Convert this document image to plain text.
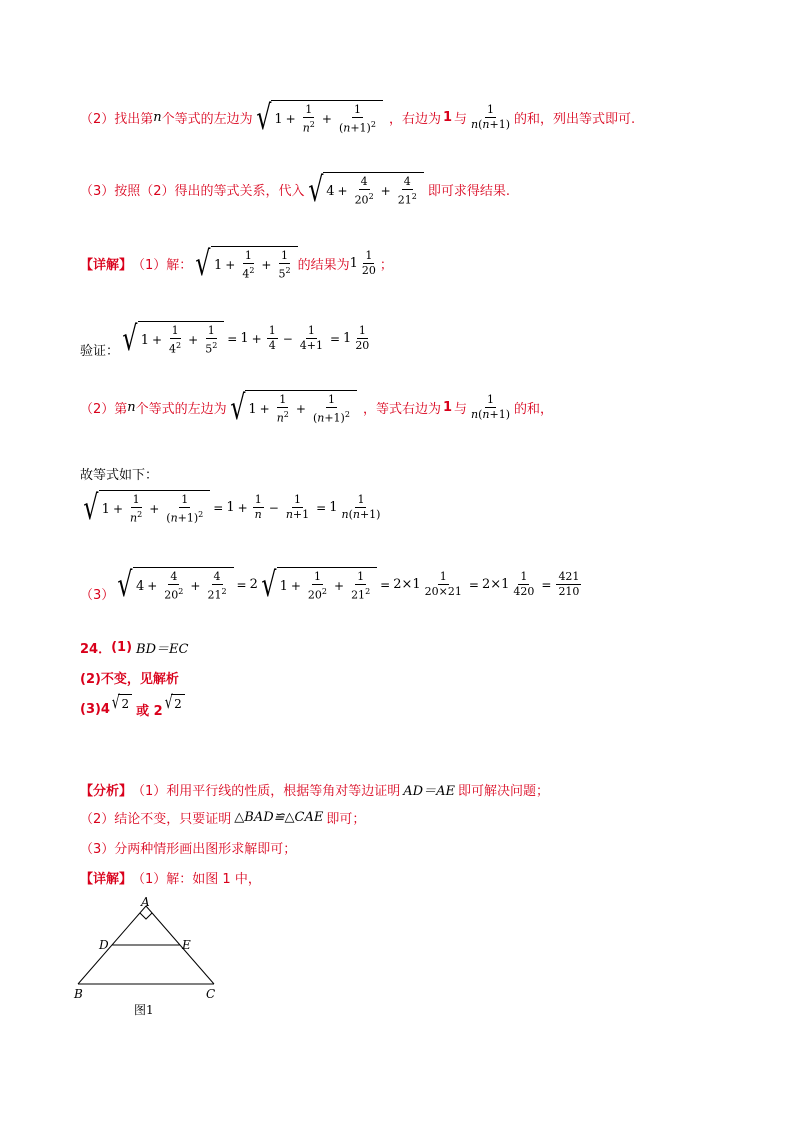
（2）找出第 n 个等式的左边为 √ $1 + \frac{1}{n^2} + \frac{1}{(n+1)^2}$ ，右边为 1 与 $\frac{1}{n(n+1)}$ 的和，列出等式即可.
（3）按照（2）得出的等式关系，代入 √ $4 + \frac{4}{20^2} + \frac{4}{21^2}$ 即可求得结果.
【详解】 （1）解： √ $1 + \frac{1}{4^2} + \frac{1}{5^2}$ 的结果为 $1 \frac{1}{20}$ ；
验证： √ $1 + \frac{1}{4^2} + \frac{1}{5^2} = 1 + \frac{1}{4} - \frac{1}{4+1} = 1 \frac{1}{20}$
（2）第 n 个等式的左边为 √ $1 + \frac{1}{n^2} + \frac{1}{(n+1)^2}$ ，等式右边为 1 与 $\frac{1}{n(n+1)}$ 的和，
故等式如下：
√ $1 + \frac{1}{n^2} + \frac{1}{(n+1)^2} = 1 + \frac{1}{n} - \frac{1}{n+1} = 1 \frac{1}{n(n+1)}$
（3） √ $4 + \frac{4}{20^2} + \frac{4}{21^2} = 2$ √ $1 + \frac{1}{20^2} + \frac{1}{21^2} = 2\times 1 \frac{1}{20\times 21} = 2\times 1 \frac{1}{420} = \frac{421}{210}$
24． (1) BD＝EC
(2)不变，见解析
(3)4 √ 2 或 2 √ 2
【分析】 （1）利用平行线的性质，根据等角对等边证明 AD＝AE 即可解决问题；
（2）结论不变，只要证明 △BAD≌△CAE 即可；
（3）分两种情形画出图形求解即可；
【详解】 （1）解：如图 1 中，
A
D	E
B	C
图1
